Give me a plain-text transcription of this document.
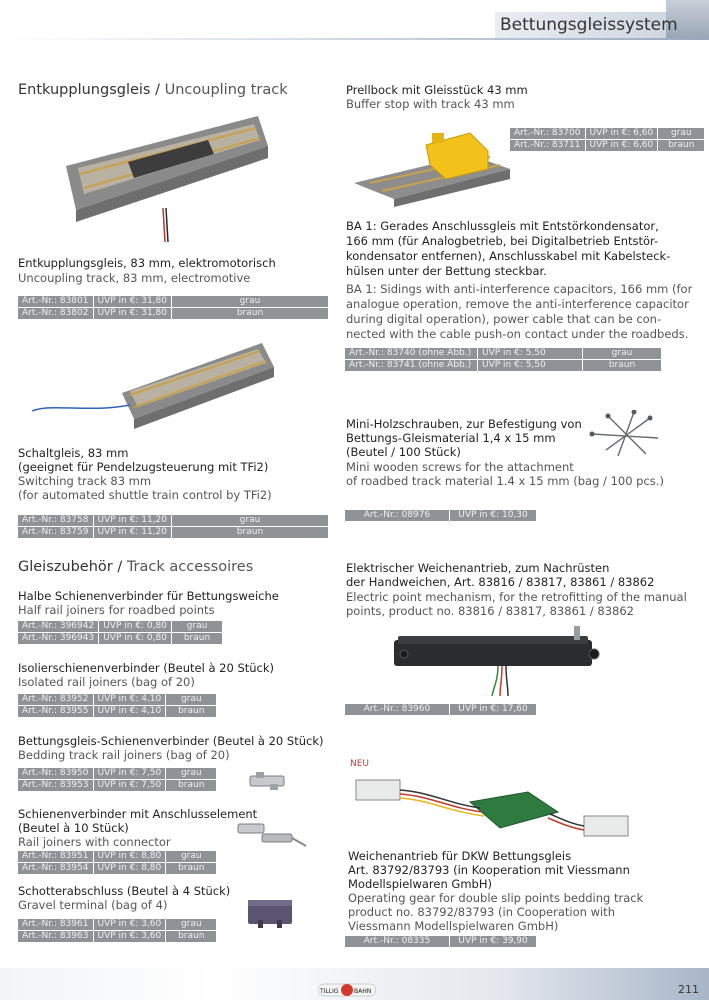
Bettungsgleissystem
Entkupplungsgleis / Uncoupling track
Entkupplungsgleis, 83 mm, elektromotorisch
Uncoupling track, 83 mm, electromotive
Art.-Nr.: 83801	UVP in €: 31,80	grau
Art.-Nr.: 83802	UVP in €: 31,80	braun
Schaltgleis, 83 mm
(geeignet für Pendelzugsteuerung mit TFi2)
Switching track 83 mm
(for automated shuttle train control by TFi2)
Art.-Nr.: 83758	UVP in €: 11,20	grau
Art.-Nr.: 83759	UVP in €: 11,20	braun
Gleiszubehör / Track accessoires
Halbe Schienenverbinder für Bettungsweiche
Half rail joiners for roadbed points
Art.-Nr.: 396942	UVP in €: 0,80	grau
Art.-Nr.: 396943	UVP in €: 0,80	braun
Isolierschienenverbinder (Beutel à 20 Stück)
Isolated rail joiners (bag of 20)
Art.-Nr.: 83952	UVP in €: 4,10	grau
Art.-Nr.: 83955	UVP in €: 4,10	braun
Bettungsgleis-Schienenverbinder (Beutel à 20 Stück)
Bedding track rail joiners (bag of 20)
Art.-Nr.: 83950	UVP in €: 7,50	grau
Art.-Nr.: 83953	UVP in €: 7,50	braun
Schienenverbinder mit Anschlusselement
(Beutel à 10 Stück)
Rail joiners with connector
Art.-Nr.: 83951	UVP in €: 8,80	grau
Art.-Nr.: 83954	UVP in €: 8,80	braun
Schotterabschluss (Beutel à 4 Stück)
Gravel terminal (bag of 4)
Art.-Nr.: 83961	UVP in €: 3,60	grau
Art.-Nr.: 83963	UVP in €: 3,60	braun
Prellbock mit Gleisstück 43 mm
Buffer stop with track 43 mm
Art.-Nr.: 83700	UVP in €: 6,60	grau
Art.-Nr.: 83711	UVP in €: 6,60	braun
BA 1: Gerades Anschlussgleis mit Entstörkondensator,
166 mm (für Analogbetrieb, bei Digitalbetrieb Entstör-
kondensator entfernen), Anschlusskabel mit Kabelsteck-
hülsen unter der Bettung steckbar.
BA 1: Sidings with anti-interference capacitors, 166 mm (for
analogue operation, remove the anti-interference capacitor
during digital operation), power cable that can be con-
nected with the cable push-on contact under the roadbeds.
Art.-Nr.: 83740 (ohne Abb.)	UVP in €: 5,50	grau
Art.-Nr.: 83741 (ohne Abb.)	UVP in €: 5,50	braun
Mini-Holzschrauben, zur Befestigung von
Bettungs-Gleismaterial 1,4 x 15 mm
(Beutel / 100 Stück)
Mini wooden screws for the attachment
of roadbed track material 1.4 x 15 mm (bag / 100 pcs.)
Art.-Nr.: 08976	UVP in €: 10,30
Elektrischer Weichenantrieb, zum Nachrüsten
der Handweichen, Art. 83816 / 83817, 83861 / 83862
Electric point mechanism, for the retrofitting of the manual
points, product no. 83816 / 83817, 83861 / 83862
Art.-Nr.: 83960	UVP in €: 17,60
NEU
Weichenantrieb für DKW Bettungsgleis
Art. 83792/83793 (in Kooperation mit Viessmann
Modellspielwaren GmbH)
Operating gear for double slip points bedding track
product no. 83792/83793 (in Cooperation with
Viessmann Modellspielwaren GmbH)
Art.-Nr.: 08335	UVP in €: 39,90
TILLIG	BAHN	211
